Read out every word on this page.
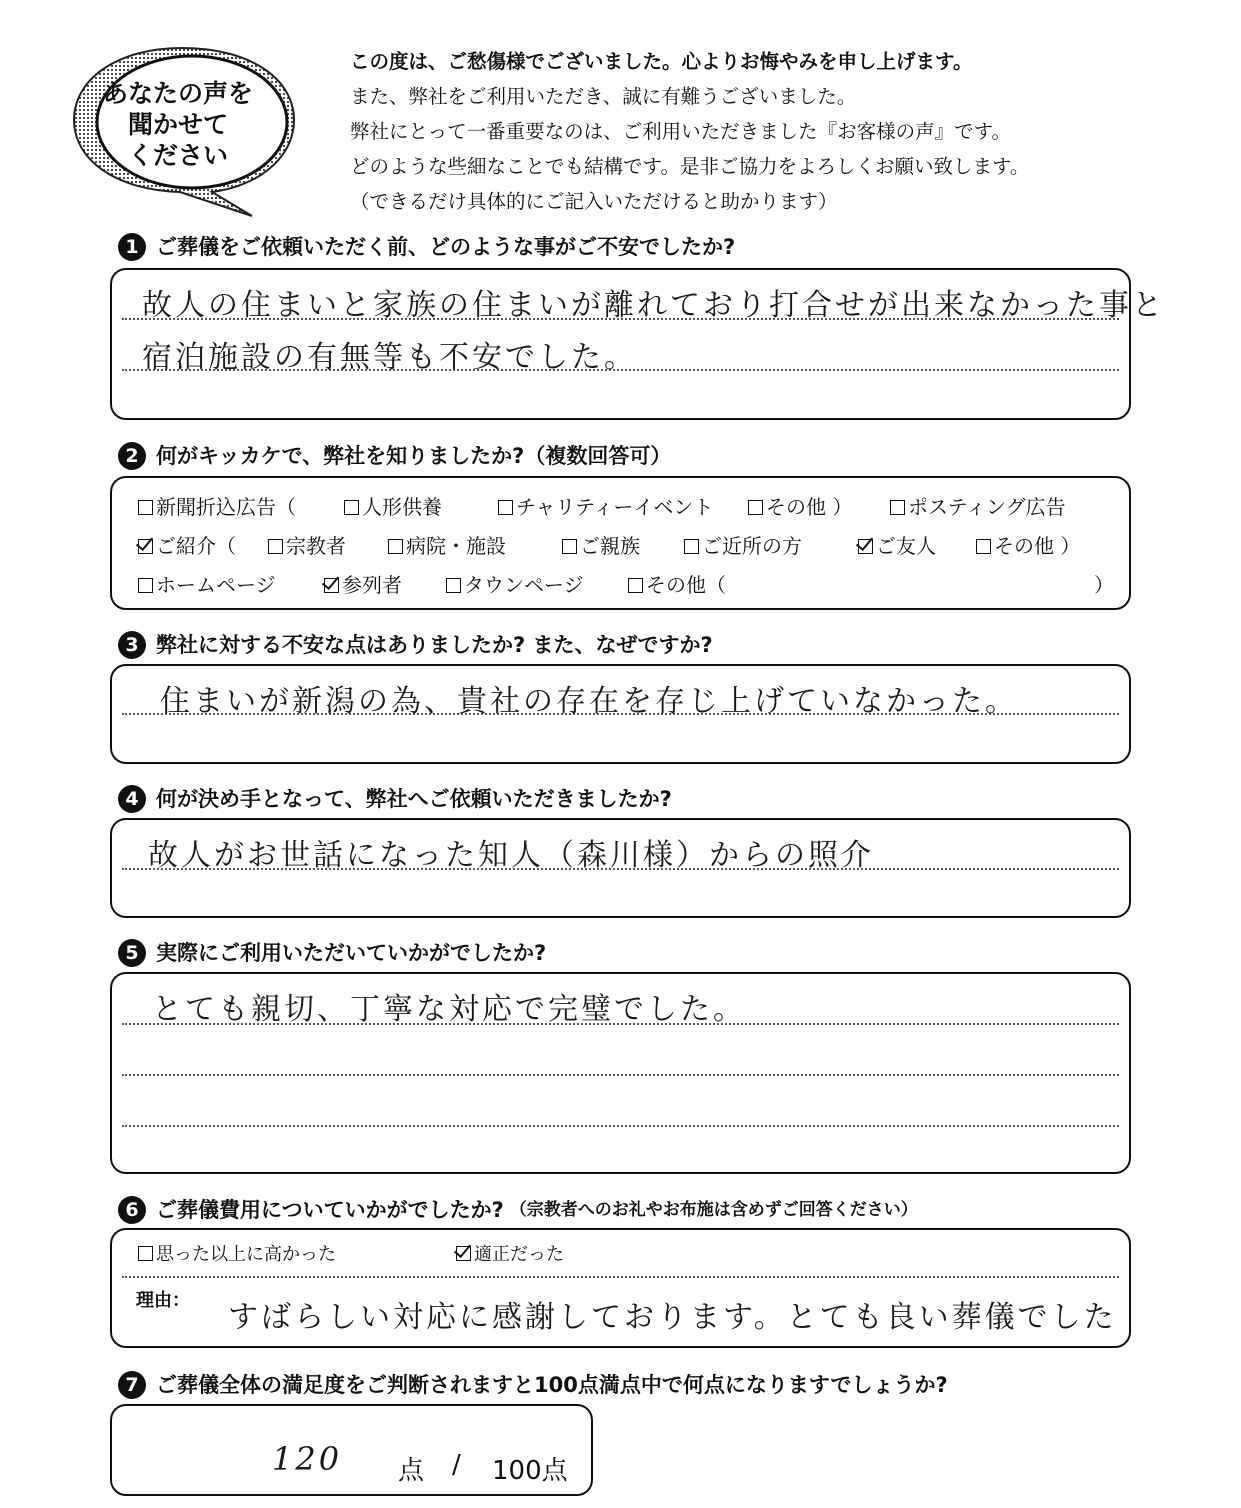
あなたの声を
聞かせて
ください
この度は、ご愁傷様でございました。心よりお悔やみを申し上げます。
また、弊社をご利用いただき、誠に有難うございました。
弊社にとって一番重要なのは、ご利用いただきました『お客様の声』です。
どのような些細なことでも結構です。是非ご協力をよろしくお願い致します。
（できるだけ具体的にご記入いただけると助かります）
1 ご葬儀をご依頼いただく前、どのような事がご不安でしたか?
故人の住まいと家族の住まいが離れており打合せが出来なかった事と
宿泊施設の有無等も不安でした。
2 何がキッカケで、弊社を知りましたか?（複数回答可）
新聞折込広告（	人形供養	チャリティーイベント	その他 ）	ポスティング広告
ご紹介（	宗教者	病院・施設	ご親族	ご近所の方	ご友人	その他 ）
ホームページ	参列者	タウンページ	その他（	）
3 弊社に対する不安な点はありましたか? また、なぜですか?
住まいが新潟の為、貴社の存在を存じ上げていなかった。
4 何が決め手となって、弊社へご依頼いただきましたか?
故人がお世話になった知人（森川様）からの照介
5 実際にご利用いただいていかがでしたか?
とても親切、丁寧な対応で完璧でした。
6 ご葬儀費用についていかがでしたか? （宗教者へのお礼やお布施は含めずご回答ください）
思った以上に高かった	適正だった
理由： すばらしい対応に感謝しております。とても良い葬儀でした
7 ご葬儀全体の満足度をご判断されますと100点満点中で何点になりますでしょうか?
120 点 / 100点
